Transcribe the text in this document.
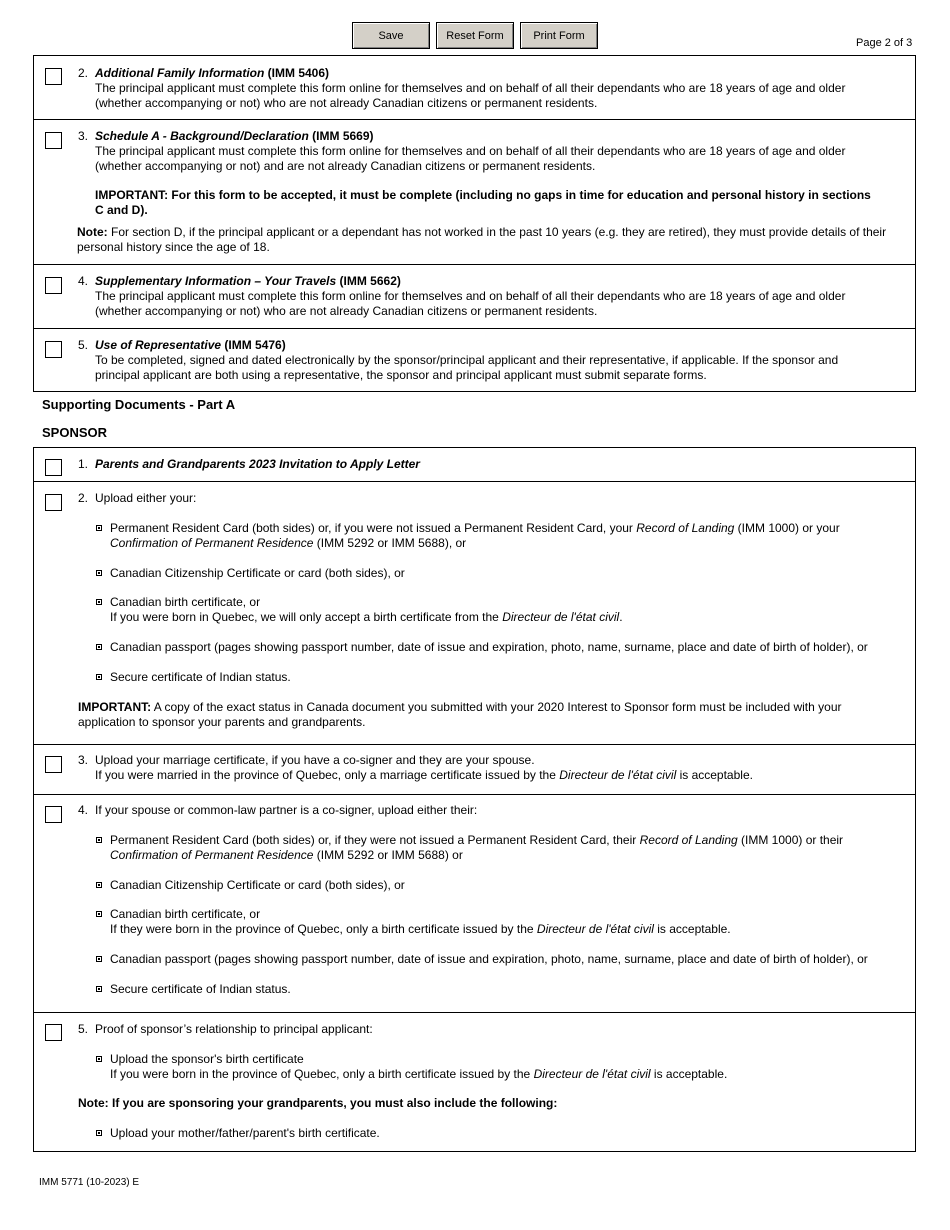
Save	Reset Form	Print Form
Page 2 of 3
2. Additional Family Information (IMM 5406)
The principal applicant must complete this form online for themselves and on behalf of all their dependants who are 18 years of age and older
(whether accompanying or not) who are not already Canadian citizens or permanent residents.
3. Schedule A - Background/Declaration (IMM 5669)
The principal applicant must complete this form online for themselves and on behalf of all their dependants who are 18 years of age and older
(whether accompanying or not) and are not already Canadian citizens or permanent residents.
IMPORTANT: For this form to be accepted, it must be complete (including no gaps in time for education and personal history in sections
C and D).
Note: For section D, if the principal applicant or a dependant has not worked in the past 10 years (e.g. they are retired), they must provide details of their
personal history since the age of 18.
4. Supplementary Information – Your Travels (IMM 5662)
The principal applicant must complete this form online for themselves and on behalf of all their dependants who are 18 years of age and older
(whether accompanying or not) who are not already Canadian citizens or permanent residents.
5. Use of Representative (IMM 5476)
To be completed, signed and dated electronically by the sponsor/principal applicant and their representative, if applicable. If the sponsor and
principal applicant are both using a representative, the sponsor and principal applicant must submit separate forms.
Supporting Documents - Part A
SPONSOR
1. Parents and Grandparents 2023 Invitation to Apply Letter
2. Upload either your:
Permanent Resident Card (both sides) or, if you were not issued a Permanent Resident Card, your Record of Landing (IMM 1000) or your
Confirmation of Permanent Residence (IMM 5292 or IMM 5688), or
Canadian Citizenship Certificate or card (both sides), or
Canadian birth certificate, or
If you were born in Quebec, we will only accept a birth certificate from the Directeur de l'état civil.
Canadian passport (pages showing passport number, date of issue and expiration, photo, name, surname, place and date of birth of holder), or
Secure certificate of Indian status.
IMPORTANT: A copy of the exact status in Canada document you submitted with your 2020 Interest to Sponsor form must be included with your
application to sponsor your parents and grandparents.
3. Upload your marriage certificate, if you have a co-signer and they are your spouse.
If you were married in the province of Quebec, only a marriage certificate issued by the Directeur de l'état civil is acceptable.
4. If your spouse or common-law partner is a co-signer, upload either their:
Permanent Resident Card (both sides) or, if they were not issued a Permanent Resident Card, their Record of Landing (IMM 1000) or their
Confirmation of Permanent Residence (IMM 5292 or IMM 5688) or
Canadian Citizenship Certificate or card (both sides), or
Canadian birth certificate, or
If they were born in the province of Quebec, only a birth certificate issued by the Directeur de l'état civil is acceptable.
Canadian passport (pages showing passport number, date of issue and expiration, photo, name, surname, place and date of birth of holder), or
Secure certificate of Indian status.
5. Proof of sponsor’s relationship to principal applicant:
Upload the sponsor's birth certificate
If you were born in the province of Quebec, only a birth certificate issued by the Directeur de l'état civil is acceptable.
Note: If you are sponsoring your grandparents, you must also include the following:
Upload your mother/father/parent's birth certificate.
IMM 5771 (10-2023) E
